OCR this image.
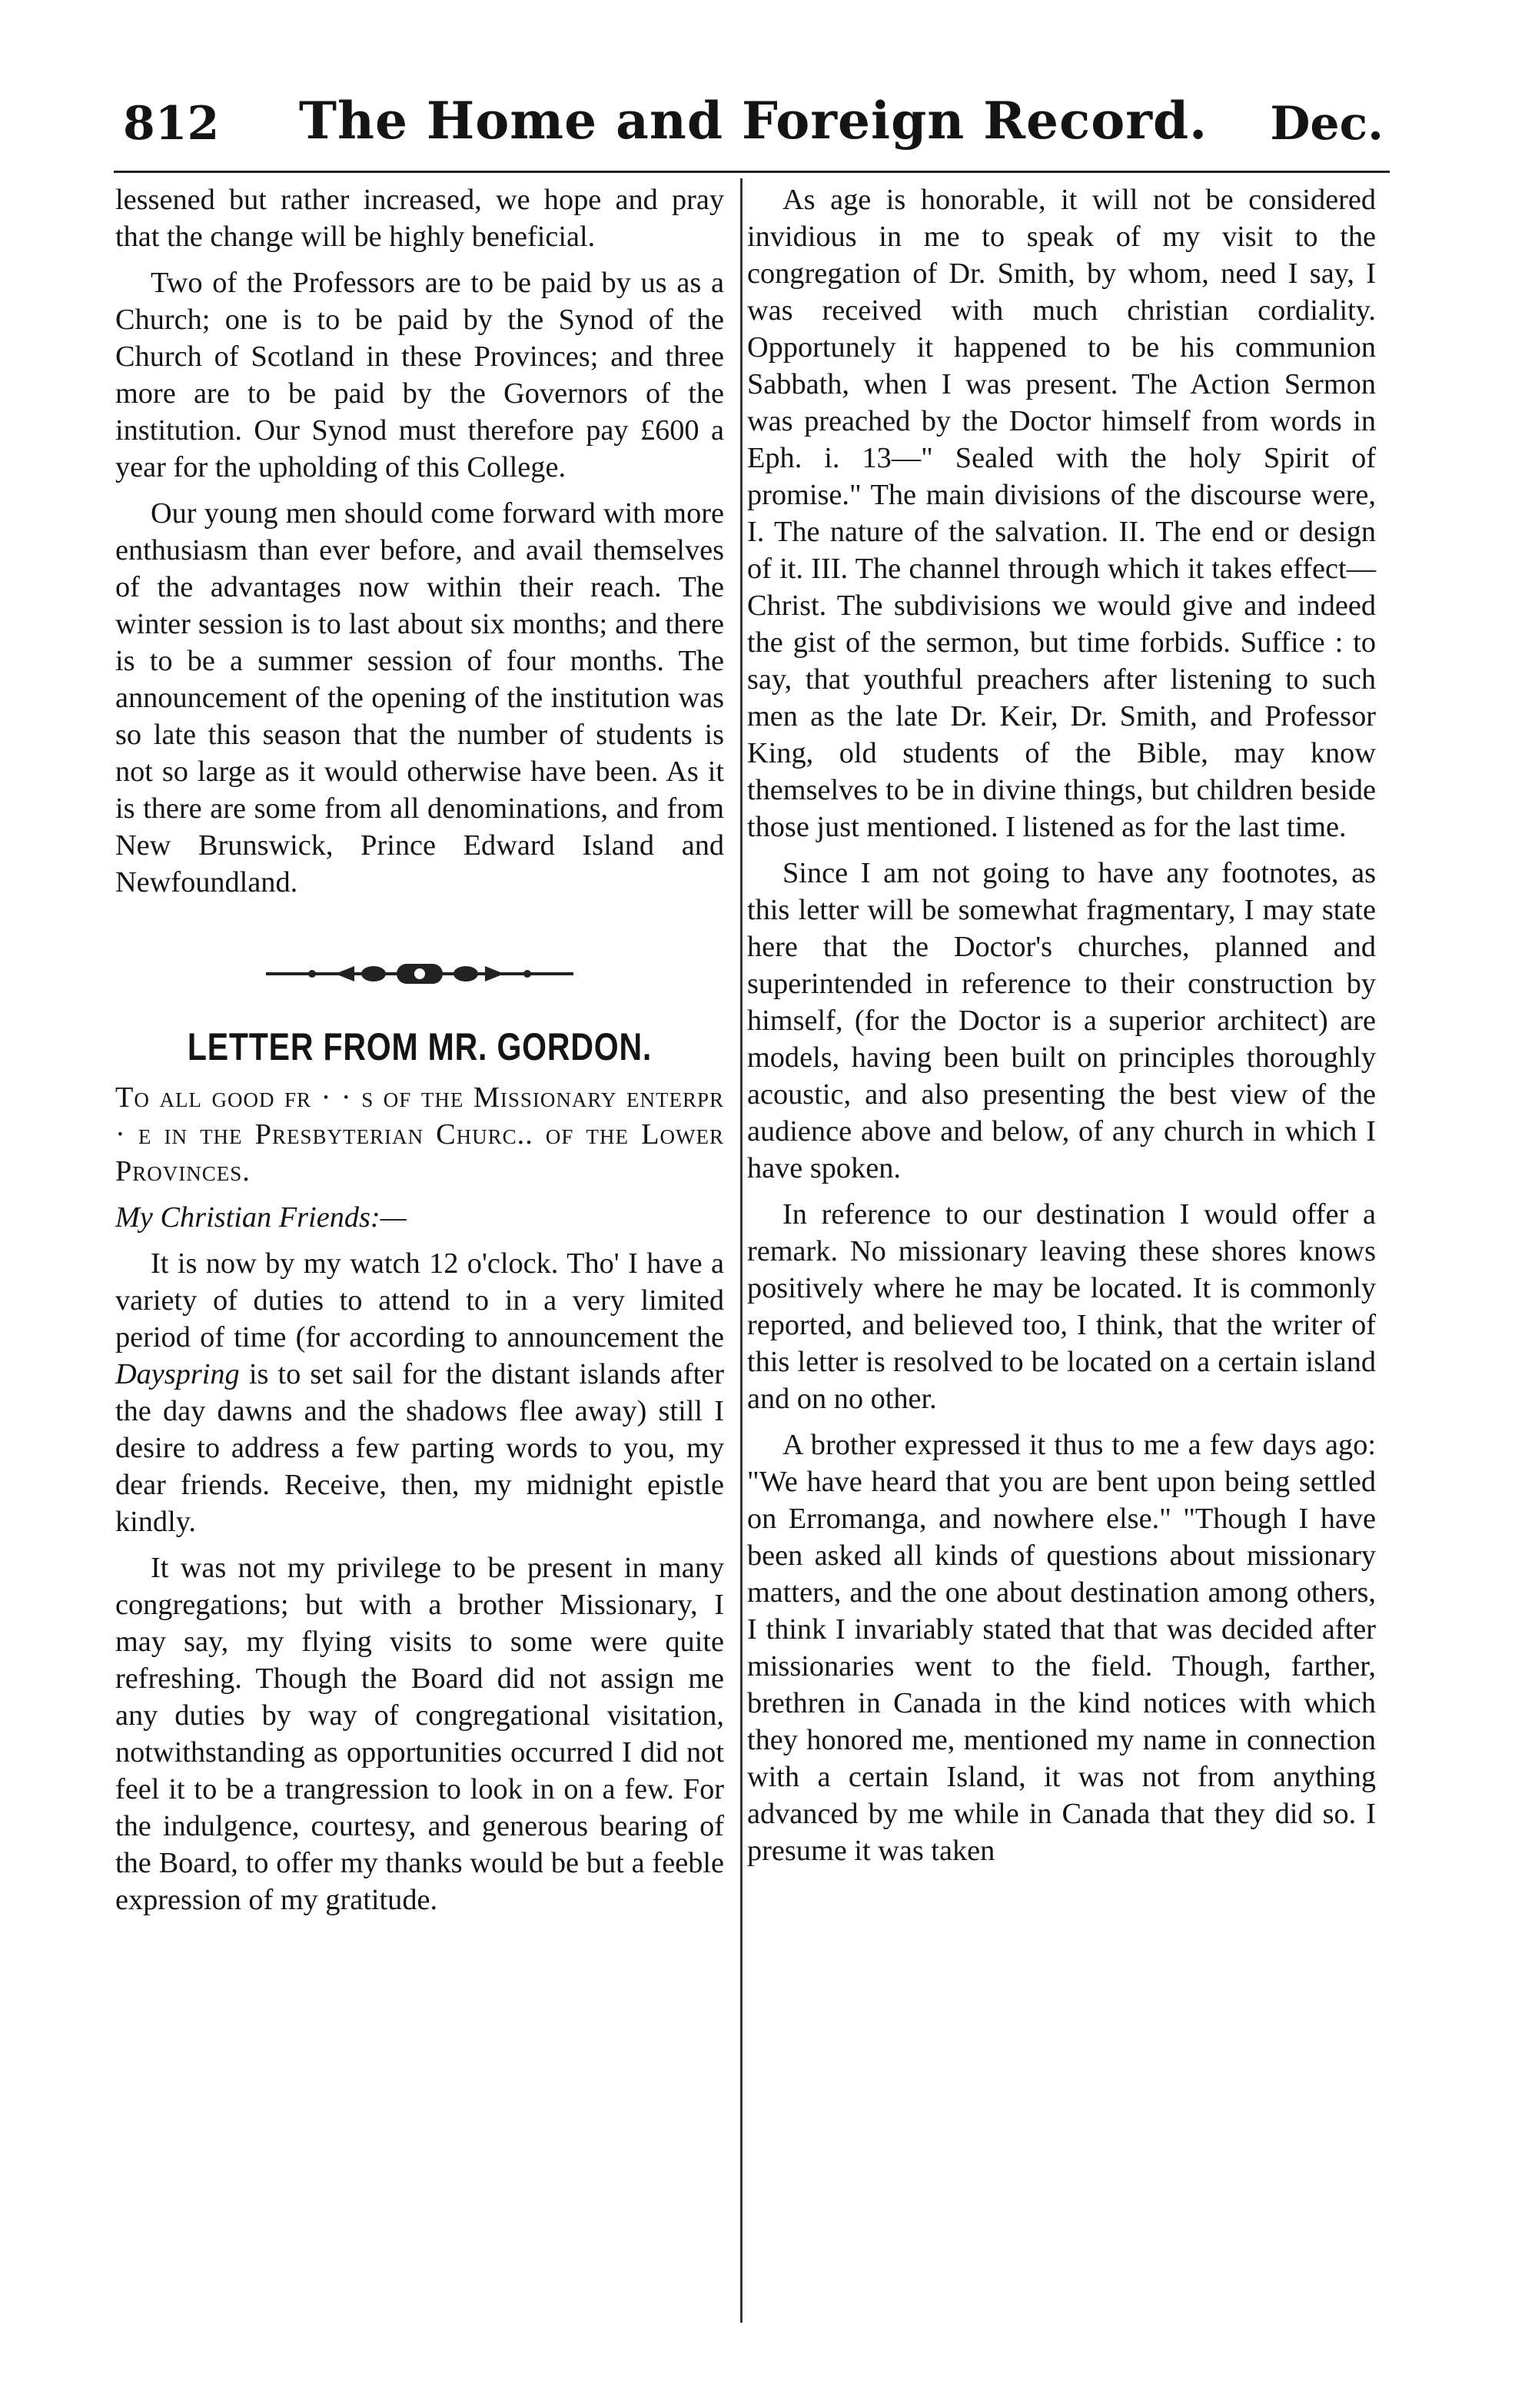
812	The Home and Foreign Record.	Dec.

lessened but rather increased, we hope and pray that the change will be highly beneficial.

Two of the Professors are to be paid by us as a Church; one is to be paid by the Synod of the Church of Scotland in these Provinces; and three more are to be paid by the Governors of the institution. Our Synod must therefore pay £600 a year for the upholding of this College.

Our young men should come forward with more enthusiasm than ever before, and avail themselves of the advantages now within their reach. The winter session is to last about six months; and there is to be a summer session of four months. The announcement of the opening of the institution was so late this season that the number of students is not so large as it would otherwise have been. As it is there are some from all denominations, and from New Brunswick, Prince Edward Island and Newfoundland.

LETTER FROM MR. GORDON.

To all good fr · · s of the Missionary enterpr · e in the Presbyterian Churc.. of the Lower Provinces.

My Christian Friends:—

It is now by my watch 12 o'clock. Tho' I have a variety of duties to attend to in a very limited period of time (for according to announcement the Dayspring is to set sail for the distant islands after the day dawns and the shadows flee away) still I desire to address a few parting words to you, my dear friends. Receive, then, my midnight epistle kindly.

It was not my privilege to be present in many congregations; but with a brother Missionary, I may say, my flying visits to some were quite refreshing. Though the Board did not assign me any duties by way of congregational visitation, notwithstanding as opportunities occurred I did not feel it to be a trangression to look in on a few. For the indulgence, courtesy, and generous bearing of the Board, to offer my thanks would be but a feeble expression of my gratitude.

As age is honorable, it will not be considered invidious in me to speak of my visit to the congregation of Dr. Smith, by whom, need I say, I was received with much christian cordiality. Opportunely it happened to be his communion Sabbath, when I was present. The Action Sermon was preached by the Doctor himself from words in Eph. i. 13—" Sealed with the holy Spirit of promise." The main divisions of the discourse were, I. The nature of the salvation. II. The end or design of it. III. The channel through which it takes effect—Christ. The subdivisions we would give and indeed the gist of the sermon, but time forbids. Suffice : to say, that youthful preachers after listening to such men as the late Dr. Keir, Dr. Smith, and Professor King, old students of the Bible, may know themselves to be in divine things, but children beside those just mentioned. I listened as for the last time.

Since I am not going to have any footnotes, as this letter will be somewhat fragmentary, I may state here that the Doctor's churches, planned and superintended in reference to their construction by himself, (for the Doctor is a superior architect) are models, having been built on principles thoroughly acoustic, and also presenting the best view of the audience above and below, of any church in which I have spoken.

In reference to our destination I would offer a remark. No missionary leaving these shores knows positively where he may be located. It is commonly reported, and believed too, I think, that the writer of this letter is resolved to be located on a certain island and on no other.

A brother expressed it thus to me a few days ago: "We have heard that you are bent upon being settled on Erromanga, and nowhere else." "Though I have been asked all kinds of questions about missionary matters, and the one about destination among others, I think I invariably stated that that was decided after missionaries went to the field. Though, farther, brethren in Canada in the kind notices with which they honored me, mentioned my name in connection with a certain Island, it was not from anything advanced by me while in Canada that they did so. I presume it was taken
